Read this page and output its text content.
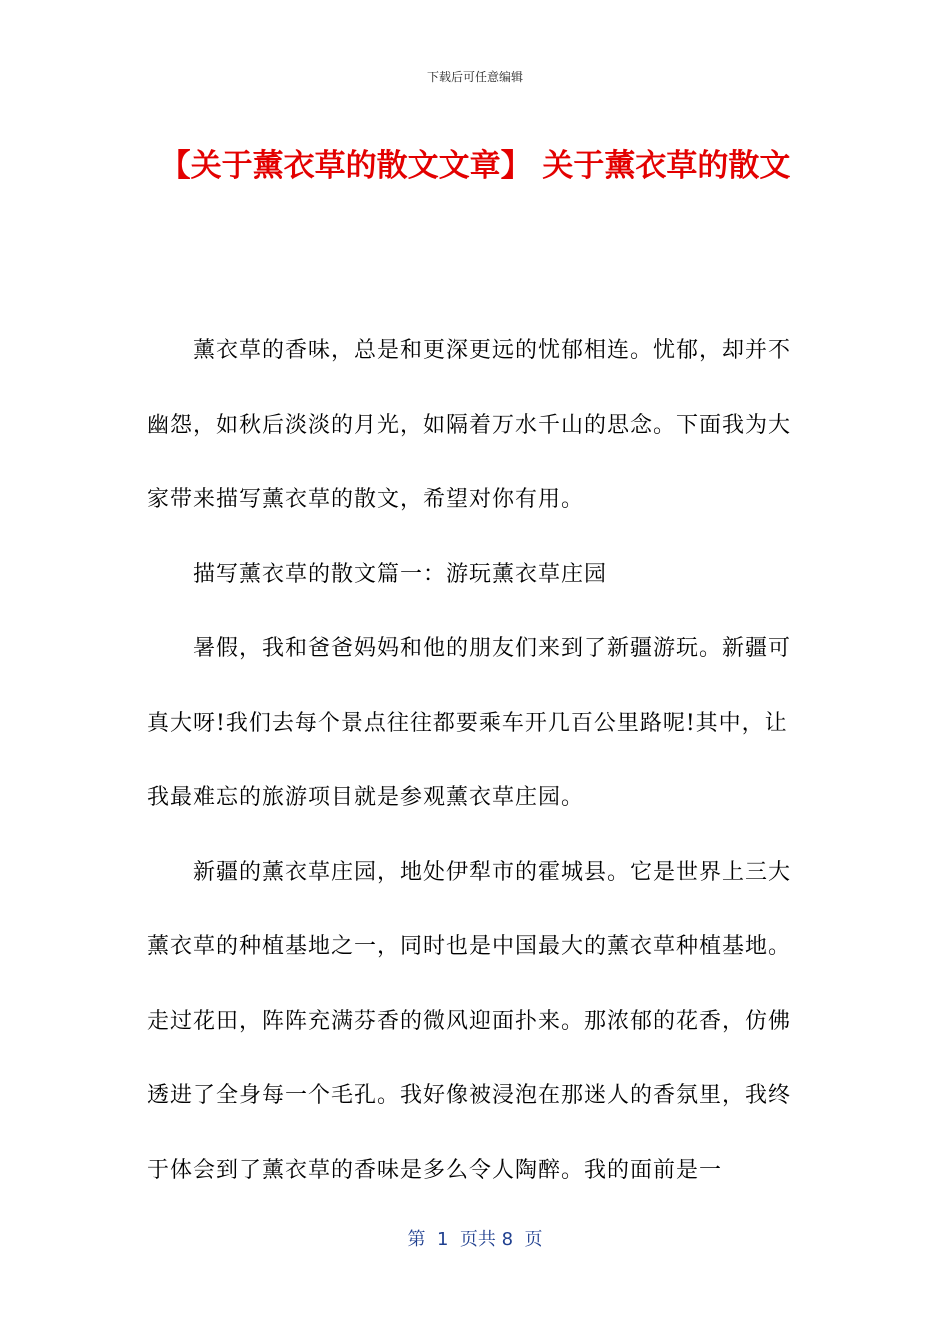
下载后可任意编辑
【关于薰衣草的散文文章】 关于薰衣草的散文

薰衣草的香味，总是和更深更远的忧郁相连。忧郁，却并不幽怨，如秋后淡淡的月光，如隔着万水千山的思念。下面我为大家带来描写薰衣草的散文，希望对你有用。

描写薰衣草的散文篇一：游玩薰衣草庄园

暑假，我和爸爸妈妈和他的朋友们来到了新疆游玩。新疆可真大呀!我们去每个景点往往都要乘车开几百公里路呢!其中，让我最难忘的旅游项目就是参观薰衣草庄园。

新疆的薰衣草庄园，地处伊犁市的霍城县。它是世界上三大薰衣草的种植基地之一，同时也是中国最大的薰衣草种植基地。走过花田，阵阵充满芬香的微风迎面扑来。那浓郁的花香，仿佛透进了全身每一个毛孔。我好像被浸泡在那迷人的香氛里，我终于体会到了薰衣草的香味是多么令人陶醉。我的面前是一

第  1  页共 8  页
